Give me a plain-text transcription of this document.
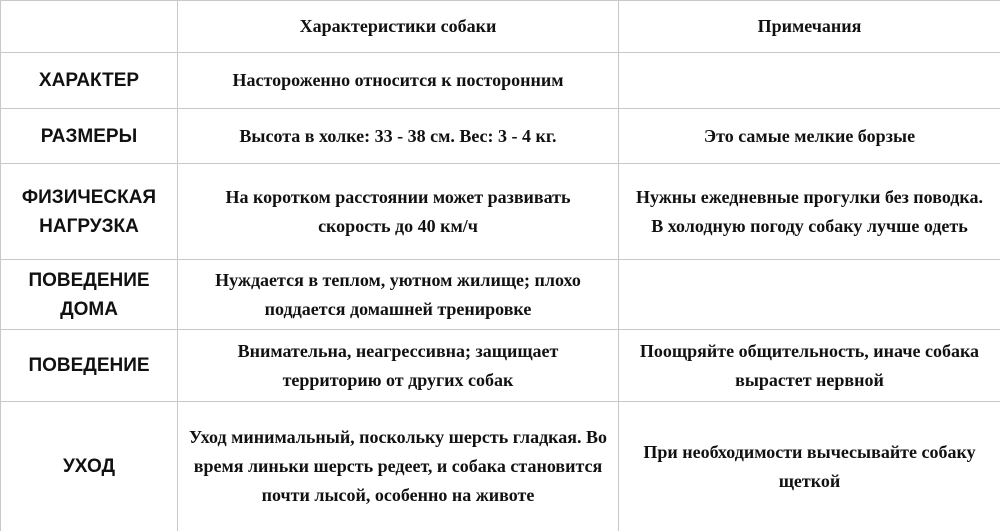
	Характеристики собаки	Примечания
ХАРАКТЕР	Настороженно относится к посторонним	
РАЗМЕРЫ	Высота в холке: 33 - 38 см. Вес: 3 - 4 кг.	Это самые мелкие борзые
ФИЗИЧЕСКАЯ НАГРУЗКА	На коротком расстоянии может развивать скорость до 40 км/ч	Нужны ежедневные прогулки без поводка. В холодную погоду собаку лучше одеть
ПОВЕДЕНИЕ ДОМА	Нуждается в теплом, уютном жилище; плохо поддается домашней тренировке	
ПОВЕДЕНИЕ	Внимательна, неагрессивна; защищает территорию от других собак	Поощряйте общительность, иначе собака вырастет нервной
УХОД	Уход минимальный, поскольку шерсть гладкая. Во время линьки шерсть редеет, и собака становится почти лысой, особенно на животе	При необходимости вычесывайте собаку щеткой
